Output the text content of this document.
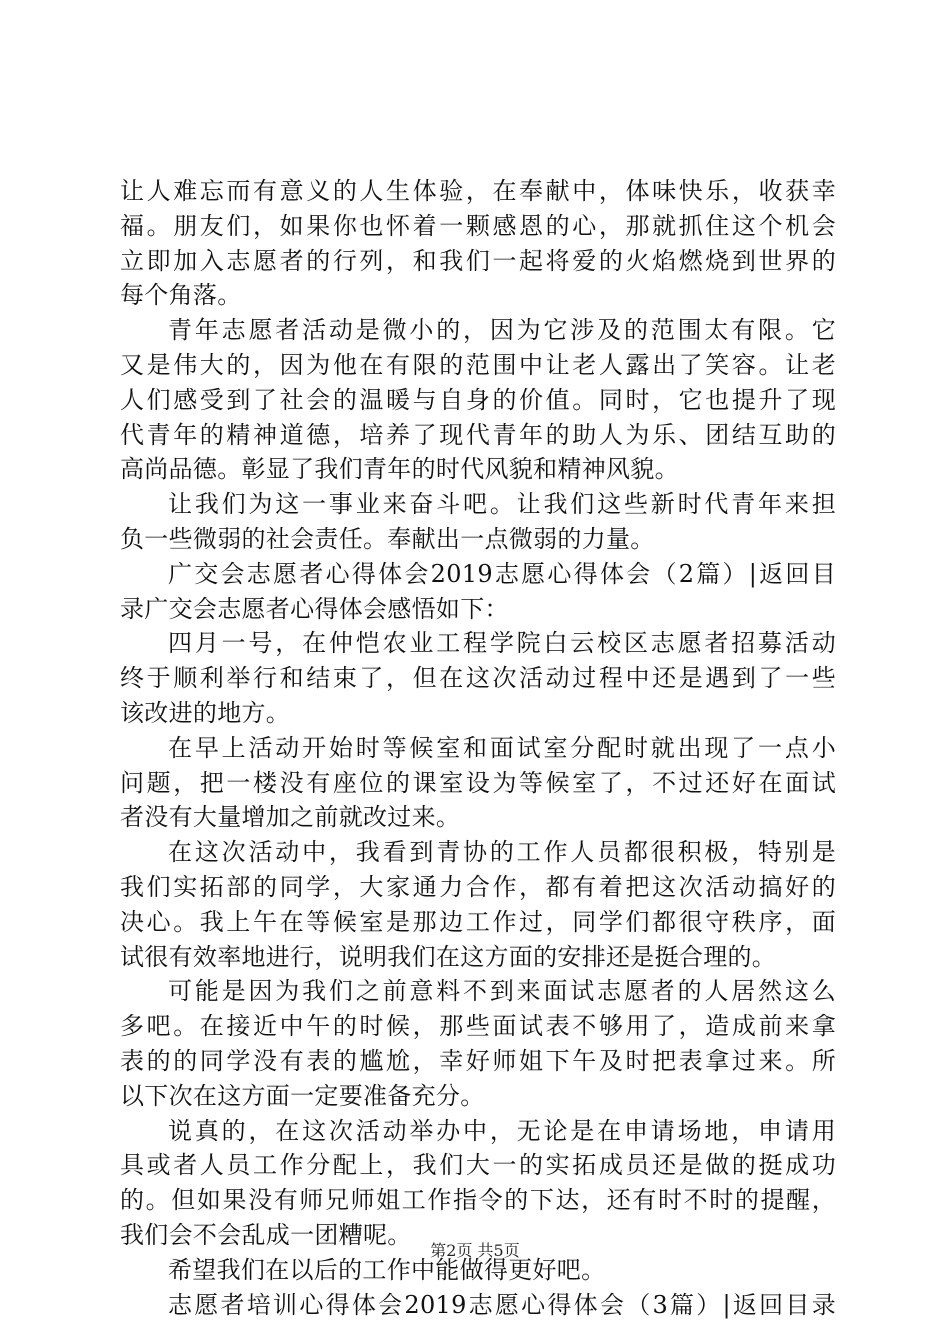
让人难忘而有意义的人生体验，在奉献中，体味快乐，收获幸
福。朋友们，如果你也怀着一颗感恩的心，那就抓住这个机会
立即加入志愿者的行列，和我们一起将爱的火焰燃烧到世界的
每个角落。
青年志愿者活动是微小的，因为它涉及的范围太有限。它
又是伟大的，因为他在有限的范围中让老人露出了笑容。让老
人们感受到了社会的温暖与自身的价值。同时，它也提升了现
代青年的精神道德，培养了现代青年的助人为乐、团结互助的
高尚品德。彰显了我们青年的时代风貌和精神风貌。
让我们为这一事业来奋斗吧。让我们这些新时代青年来担
负一些微弱的社会责任。奉献出一点微弱的力量。
广交会志愿者心得体会2019志愿心得体会（2篇）|返回目
录广交会志愿者心得体会感悟如下：
四月一号，在仲恺农业工程学院白云校区志愿者招募活动
终于顺利举行和结束了，但在这次活动过程中还是遇到了一些
该改进的地方。
在早上活动开始时等候室和面试室分配时就出现了一点小
问题，把一楼没有座位的课室设为等候室了，不过还好在面试
者没有大量增加之前就改过来。
在这次活动中，我看到青协的工作人员都很积极，特别是
我们实拓部的同学，大家通力合作，都有着把这次活动搞好的
决心。我上午在等候室是那边工作过，同学们都很守秩序，面
试很有效率地进行，说明我们在这方面的安排还是挺合理的。
可能是因为我们之前意料不到来面试志愿者的人居然这么
多吧。在接近中午的时候，那些面试表不够用了，造成前来拿
表的的同学没有表的尴尬，幸好师姐下午及时把表拿过来。所
以下次在这方面一定要准备充分。
说真的，在这次活动举办中，无论是在申请场地，申请用
具或者人员工作分配上，我们大一的实拓成员还是做的挺成功
的。但如果没有师兄师姐工作指令的下达，还有时不时的提醒，
我们会不会乱成一团糟呢。
希望我们在以后的工作中能做得更好吧。
志愿者培训心得体会2019志愿心得体会（3篇）|返回目录
第2页 共5页
